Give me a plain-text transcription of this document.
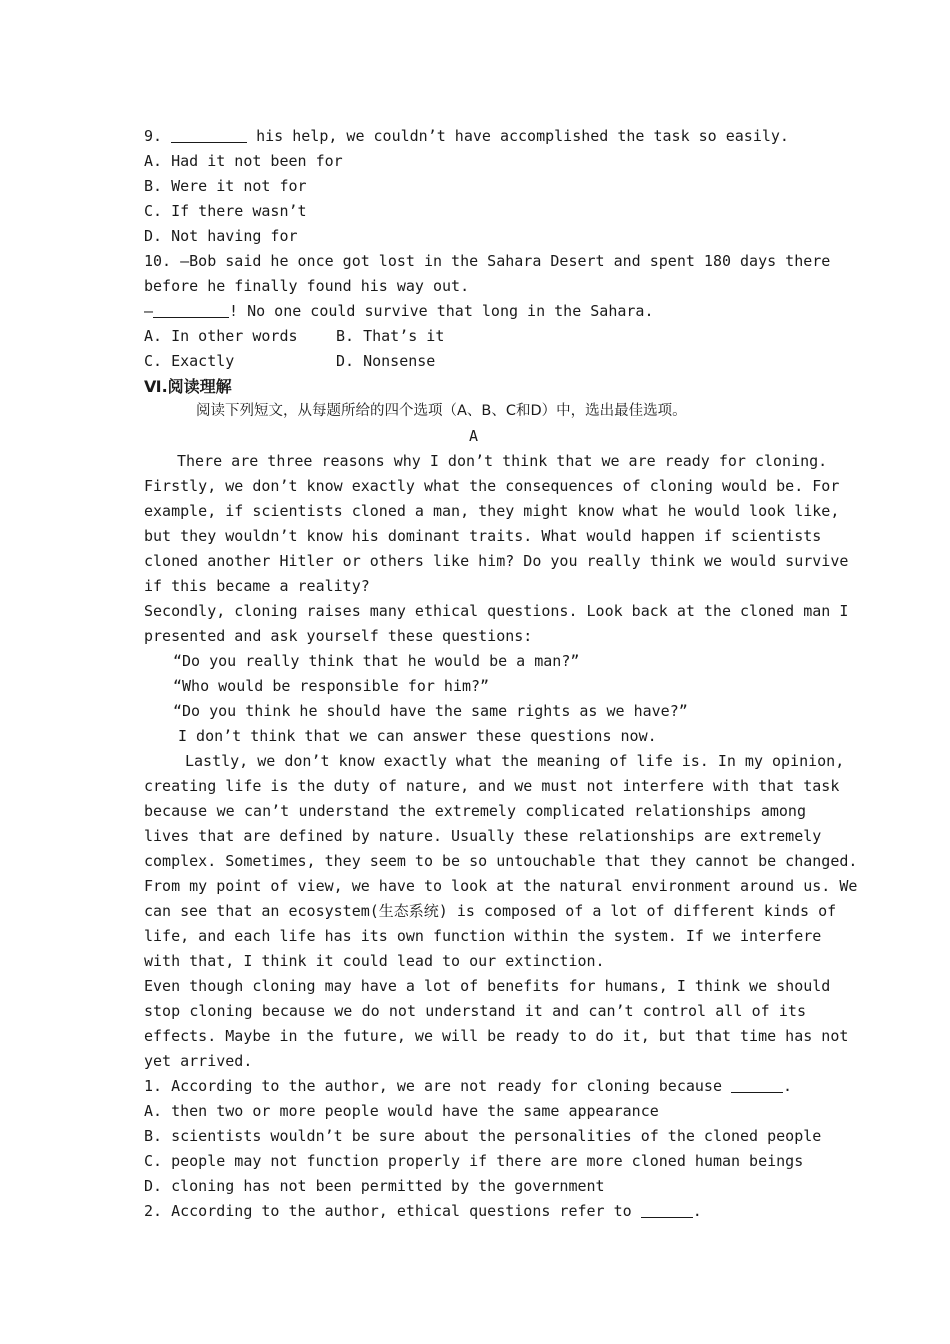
9.	his help, we couldn’t have accomplished the task so easily.
A. Had it not been for
B. Were it not for
C. If there wasn’t
D. Not having for
10. —Bob said he once got lost in the Sahara Desert and spent 180 days there
before he finally found his way out.
—	! No one could survive that long in the Sahara.
A. In other words	B. That’s it
C. Exactly	D. Nonsense
Ⅵ.阅读理解
阅读下列短文，从每题所给的四个选项（A、B、C和D）中，选出最佳选项。
A
There are three reasons why I don’t think that we are ready for cloning.
Firstly, we don’t know exactly what the consequences of cloning would be. For
example, if scientists cloned a man, they might know what he would look like,
but they wouldn’t know his dominant traits. What would happen if scientists
cloned another Hitler or others like him? Do you really think we would survive
if this became a reality?
Secondly, cloning raises many ethical questions. Look back at the cloned man I
presented and ask yourself these questions:
“Do you really think that he would be a man?”
“Who would be responsible for him?”
“Do you think he should have the same rights as we have?”
I don’t think that we can answer these questions now.
Lastly, we don’t know exactly what the meaning of life is. In my opinion,
creating life is the duty of nature, and we must not interfere with that task
because we can’t understand the extremely complicated relationships among
lives that are defined by nature. Usually these relationships are extremely
complex. Sometimes, they seem to be so untouchable that they cannot be changed.
From my point of view, we have to look at the natural environment around us. We
can see that an ecosystem(生态系统) is composed of a lot of different kinds of
life, and each life has its own function within the system. If we interfere
with that, I think it could lead to our extinction.
Even though cloning may have a lot of benefits for humans, I think we should
stop cloning because we do not understand it and can’t control all of its
effects. Maybe in the future, we will be ready to do it, but that time has not
yet arrived.
1. According to the author, we are not ready for cloning because	.
A. then two or more people would have the same appearance
B. scientists wouldn’t be sure about the personalities of the cloned people
C. people may not function properly if there are more cloned human beings
D. cloning has not been permitted by the government
2. According to the author, ethical questions refer to	.
